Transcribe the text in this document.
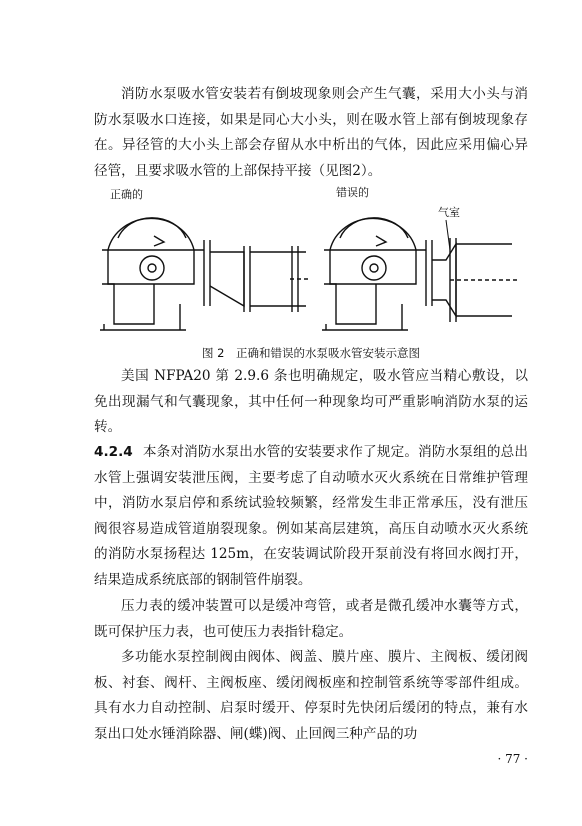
消防水泵吸水管安装若有倒坡现象则会产生气囊，采用大小头与消防水泵吸水口连接，如果是同心大小头，则在吸水管上部有倒坡现象存在。异径管的大小头上部会存留从水中析出的气体，因此应采用偏心异径管，且要求吸水管的上部保持平接（见图2）。

正确的	错误的
气室
图 2　正确和错误的水泵吸水管安装示意图

美国 NFPA20 第 2.9.6 条也明确规定，吸水管应当精心敷设，以免出现漏气和气囊现象，其中任何一种现象均可严重影响消防水泵的运转。

4.2.4 本条对消防水泵出水管的安装要求作了规定。消防水泵组的总出水管上强调安装泄压阀，主要考虑了自动喷水灭火系统在日常维护管理中，消防水泵启停和系统试验较频繁，经常发生非正常承压，没有泄压阀很容易造成管道崩裂现象。例如某高层建筑，高压自动喷水灭火系统的消防水泵扬程达 125m，在安装调试阶段开泵前没有将回水阀打开，结果造成系统底部的钢制管件崩裂。

压力表的缓冲装置可以是缓冲弯管，或者是微孔缓冲水囊等方式，既可保护压力表，也可使压力表指针稳定。

多功能水泵控制阀由阀体、阀盖、膜片座、膜片、主阀板、缓闭阀板、衬套、阀杆、主阀板座、缓闭阀板座和控制管系统等零部件组成。具有水力自动控制、启泵时缓开、停泵时先快闭后缓闭的特点，兼有水泵出口处水锤消除器、闸(蝶)阀、止回阀三种产品的功

· 77 ·
